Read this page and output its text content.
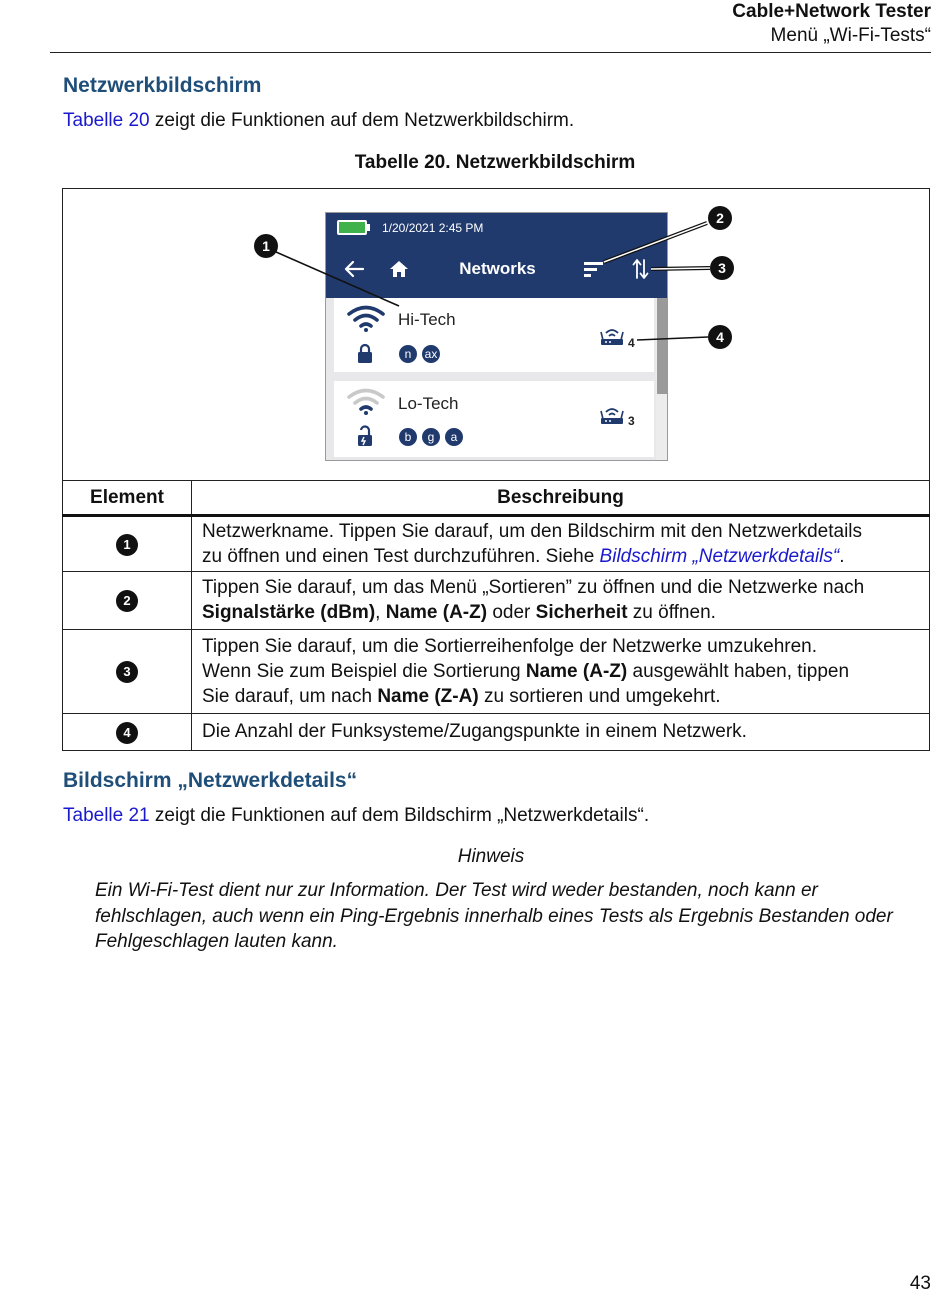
Cable+Network Tester
Menü „Wi-Fi-Tests“
Netzwerkbildschirm
Tabelle 20 zeigt die Funktionen auf dem Netzwerkbildschirm.
Tabelle 20. Netzwerkbildschirm
1/20/2021 2:45 PM
Networks
Hi-Tech
n	ax
4
Lo-Tech
b	g	a
3
1
2
3
4
Element	Beschreibung
1	Netzwerkname. Tippen Sie darauf, um den Bildschirm mit den Netzwerkdetails
zu öffnen und einen Test durchzuführen. Siehe Bildschirm „Netzwerkdetails“.
2	Tippen Sie darauf, um das Menü „Sortieren” zu öffnen und die Netzwerke nach
Signalstärke (dBm), Name (A-Z) oder Sicherheit zu öffnen.
3	Tippen Sie darauf, um die Sortierreihenfolge der Netzwerke umzukehren.
Wenn Sie zum Beispiel die Sortierung Name (A-Z) ausgewählt haben, tippen
Sie darauf, um nach Name (Z-A) zu sortieren und umgekehrt.
4	Die Anzahl der Funksysteme/Zugangspunkte in einem Netzwerk.
Bildschirm „Netzwerkdetails“
Tabelle 21 zeigt die Funktionen auf dem Bildschirm „Netzwerkdetails“.
Hinweis
Ein Wi-Fi-Test dient nur zur Information. Der Test wird weder bestanden, noch kann er fehlschlagen, auch wenn ein Ping-Ergebnis innerhalb eines Tests als Ergebnis Bestanden oder Fehlgeschlagen lauten kann.
43
